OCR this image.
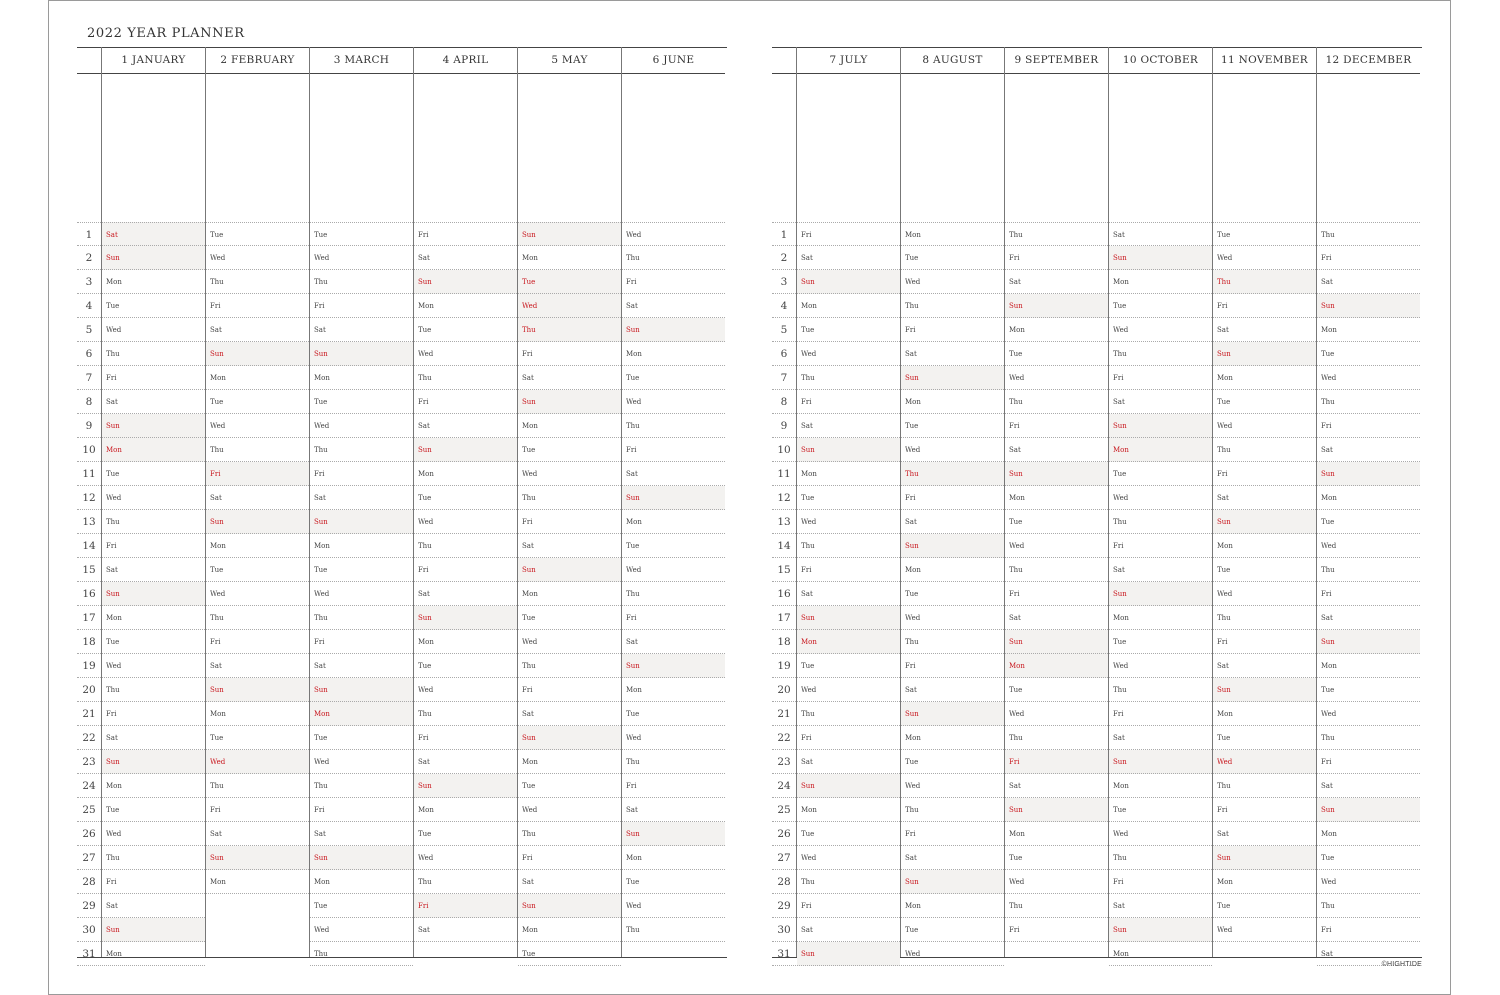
2022 YEAR PLANNER
1
2
3
4
5
6
7
8
9
10
11
12
13
14
15
16
17
18
19
20
21
22
23
24
25
26
27
28
29
30
31
1 JANUARY
Sat
Sun
Mon
Tue
Wed
Thu
Fri
Sat
Sun
Mon
Tue
Wed
Thu
Fri
Sat
Sun
Mon
Tue
Wed
Thu
Fri
Sat
Sun
Mon
Tue
Wed
Thu
Fri
Sat
Sun
Mon
2 FEBRUARY
Tue
Wed
Thu
Fri
Sat
Sun
Mon
Tue
Wed
Thu
Fri
Sat
Sun
Mon
Tue
Wed
Thu
Fri
Sat
Sun
Mon
Tue
Wed
Thu
Fri
Sat
Sun
Mon
3 MARCH
Tue
Wed
Thu
Fri
Sat
Sun
Mon
Tue
Wed
Thu
Fri
Sat
Sun
Mon
Tue
Wed
Thu
Fri
Sat
Sun
Mon
Tue
Wed
Thu
Fri
Sat
Sun
Mon
Tue
Wed
Thu
4 APRIL
Fri
Sat
Sun
Mon
Tue
Wed
Thu
Fri
Sat
Sun
Mon
Tue
Wed
Thu
Fri
Sat
Sun
Mon
Tue
Wed
Thu
Fri
Sat
Sun
Mon
Tue
Wed
Thu
Fri
Sat
5 MAY
Sun
Mon
Tue
Wed
Thu
Fri
Sat
Sun
Mon
Tue
Wed
Thu
Fri
Sat
Sun
Mon
Tue
Wed
Thu
Fri
Sat
Sun
Mon
Tue
Wed
Thu
Fri
Sat
Sun
Mon
Tue
6 JUNE
Wed
Thu
Fri
Sat
Sun
Mon
Tue
Wed
Thu
Fri
Sat
Sun
Mon
Tue
Wed
Thu
Fri
Sat
Sun
Mon
Tue
Wed
Thu
Fri
Sat
Sun
Mon
Tue
Wed
Thu
1
2
3
4
5
6
7
8
9
10
11
12
13
14
15
16
17
18
19
20
21
22
23
24
25
26
27
28
29
30
31
7 JULY
Fri
Sat
Sun
Mon
Tue
Wed
Thu
Fri
Sat
Sun
Mon
Tue
Wed
Thu
Fri
Sat
Sun
Mon
Tue
Wed
Thu
Fri
Sat
Sun
Mon
Tue
Wed
Thu
Fri
Sat
Sun
8 AUGUST
Mon
Tue
Wed
Thu
Fri
Sat
Sun
Mon
Tue
Wed
Thu
Fri
Sat
Sun
Mon
Tue
Wed
Thu
Fri
Sat
Sun
Mon
Tue
Wed
Thu
Fri
Sat
Sun
Mon
Tue
Wed
9 SEPTEMBER
Thu
Fri
Sat
Sun
Mon
Tue
Wed
Thu
Fri
Sat
Sun
Mon
Tue
Wed
Thu
Fri
Sat
Sun
Mon
Tue
Wed
Thu
Fri
Sat
Sun
Mon
Tue
Wed
Thu
Fri
10 OCTOBER
Sat
Sun
Mon
Tue
Wed
Thu
Fri
Sat
Sun
Mon
Tue
Wed
Thu
Fri
Sat
Sun
Mon
Tue
Wed
Thu
Fri
Sat
Sun
Mon
Tue
Wed
Thu
Fri
Sat
Sun
Mon
11 NOVEMBER
Tue
Wed
Thu
Fri
Sat
Sun
Mon
Tue
Wed
Thu
Fri
Sat
Sun
Mon
Tue
Wed
Thu
Fri
Sat
Sun
Mon
Tue
Wed
Thu
Fri
Sat
Sun
Mon
Tue
Wed
12 DECEMBER
Thu
Fri
Sat
Sun
Mon
Tue
Wed
Thu
Fri
Sat
Sun
Mon
Tue
Wed
Thu
Fri
Sat
Sun
Mon
Tue
Wed
Thu
Fri
Sat
Sun
Mon
Tue
Wed
Thu
Fri
Sat
©HIGHTIDE
